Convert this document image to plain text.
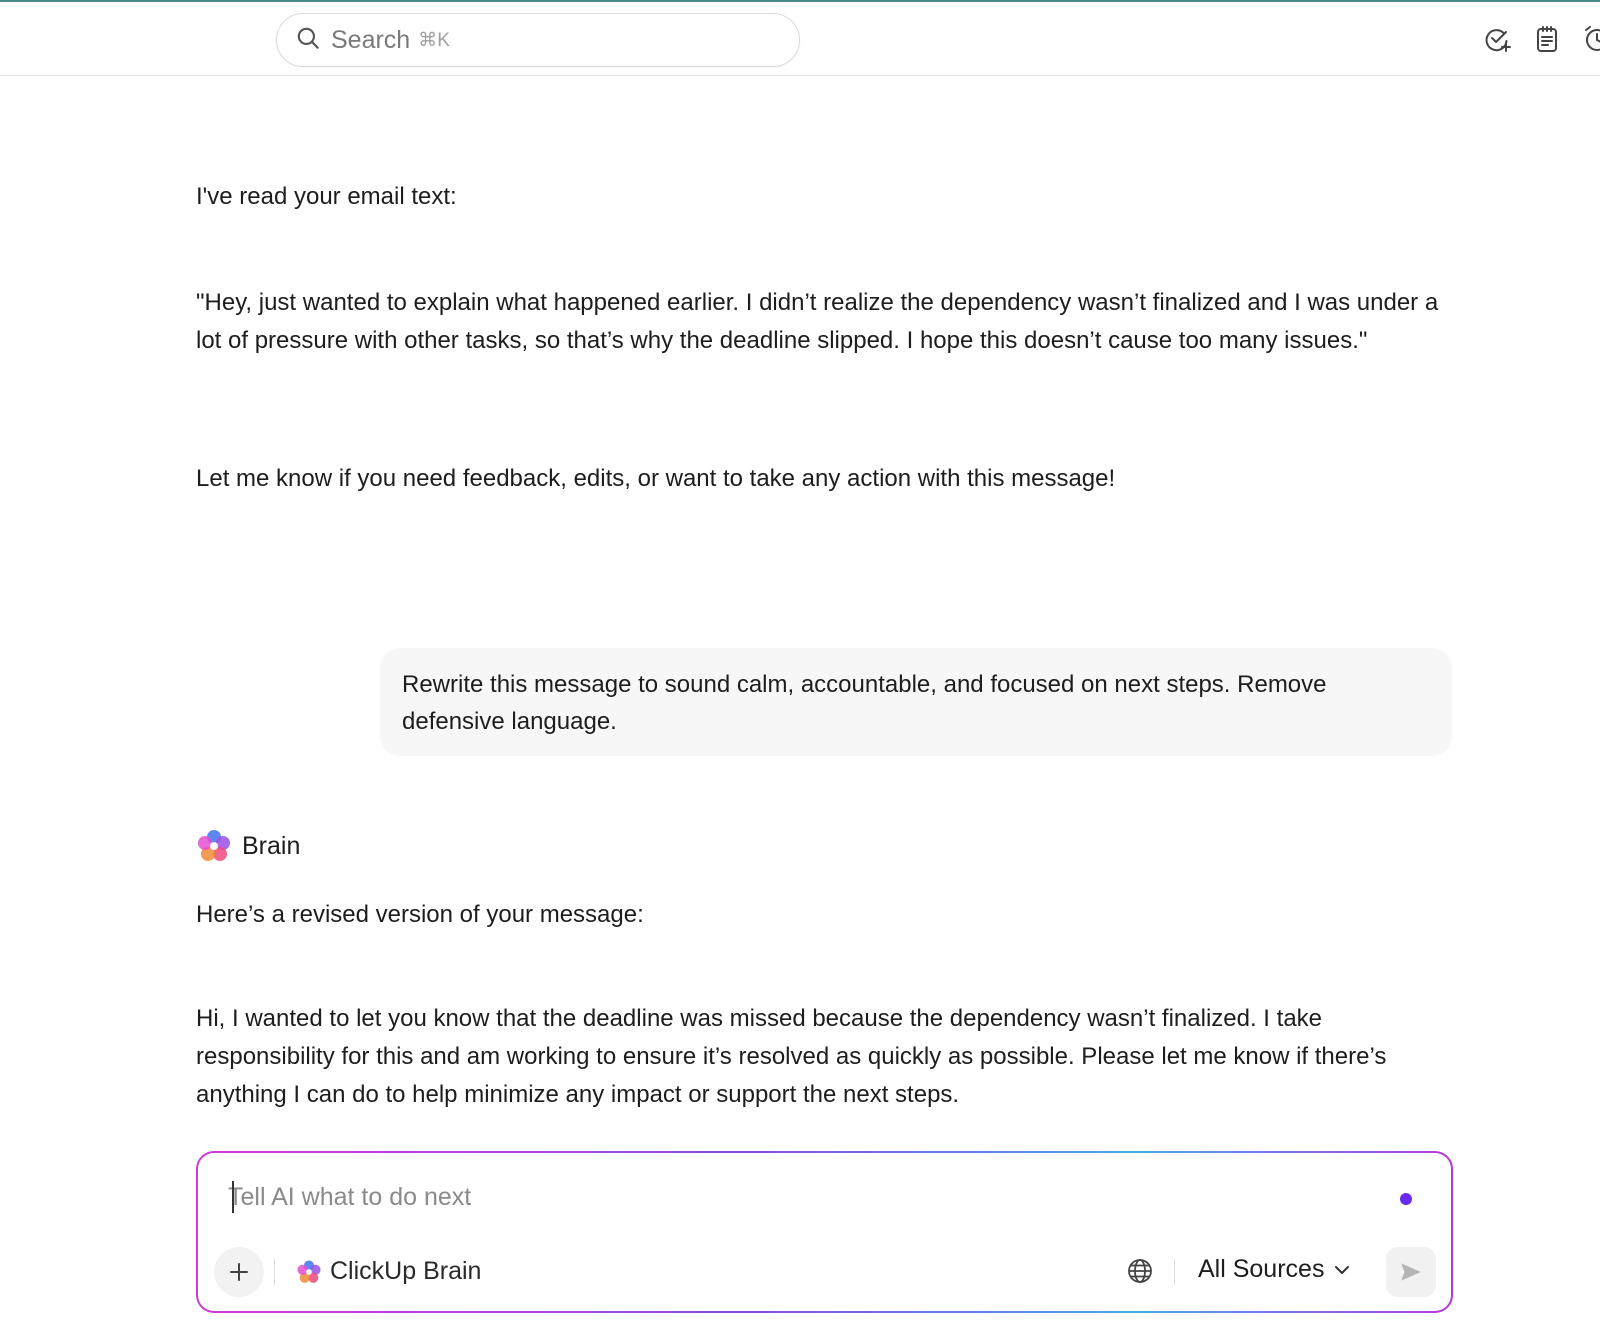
Search ⌘K
I've read your email text:
"Hey, just wanted to explain what happened earlier. I didn’t realize the dependency wasn’t finalized and I was under a lot of pressure with other tasks, so that’s why the deadline slipped. I hope this doesn’t cause too many issues."
Let me know if you need feedback, edits, or want to take any action with this message!
Rewrite this message to sound calm, accountable, and focused on next steps. Remove defensive language.
Brain
Here’s a revised version of your message:
Hi, I wanted to let you know that the deadline was missed because the dependency wasn’t finalized. I take responsibility for this and am working to ensure it’s resolved as quickly as possible. Please let me know if there’s anything I can do to help minimize any impact or support the next steps.
Tell AI what to do next
ClickUp Brain	All Sources
